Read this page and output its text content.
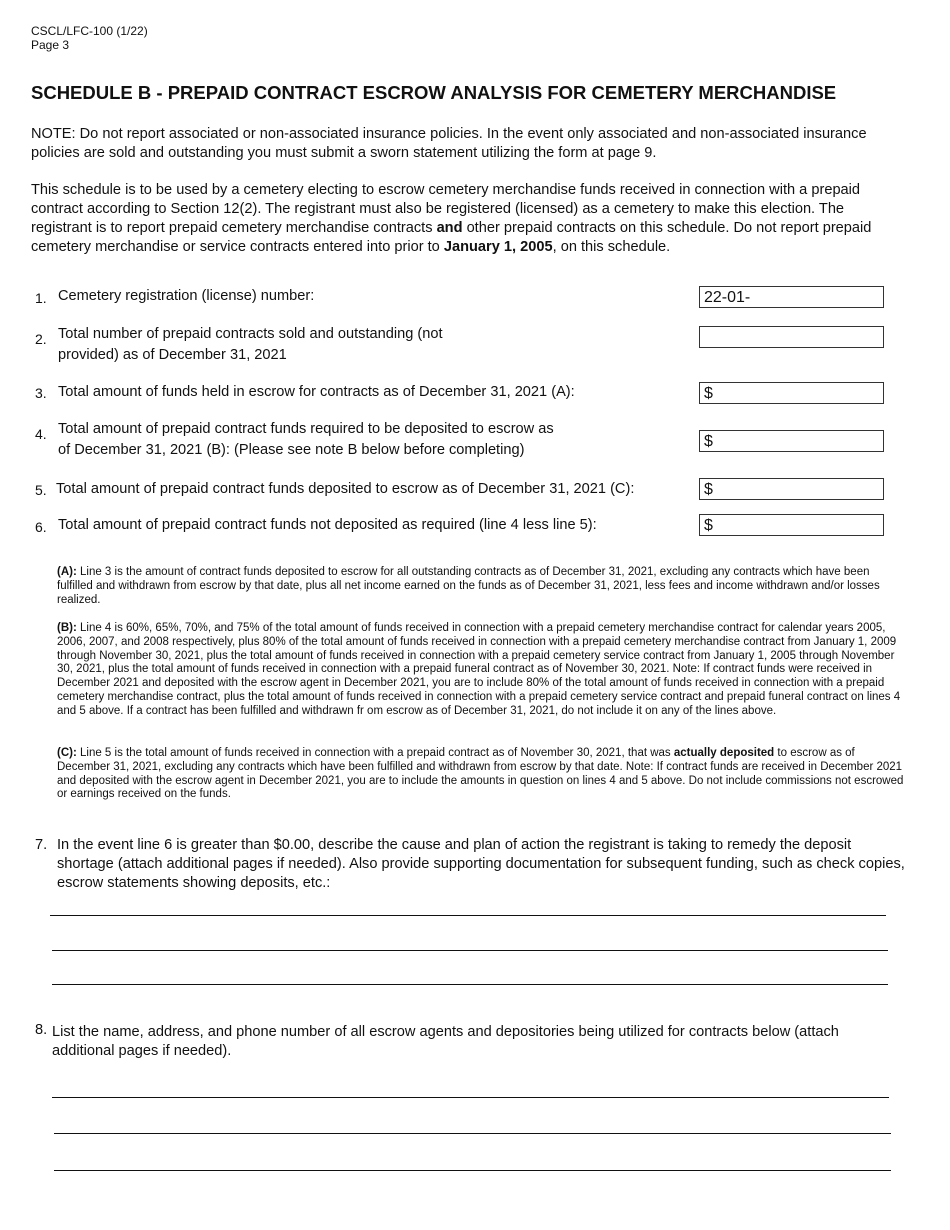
CSCL/LFC-100 (1/22)
Page 3
SCHEDULE B - PREPAID CONTRACT ESCROW ANALYSIS FOR CEMETERY MERCHANDISE
NOTE: Do not report associated or non-associated insurance policies. In the event only associated and non-associated insurance policies are sold and outstanding you must submit a sworn statement utilizing the form at page 9.
This schedule is to be used by a cemetery electing to escrow cemetery merchandise funds received in connection with a prepaid contract according to Section 12(2). The registrant must also be registered (licensed) as a cemetery to make this election. The registrant is to report prepaid cemetery merchandise contracts and other prepaid contracts on this schedule. Do not report prepaid cemetery merchandise or service contracts entered into prior to January 1, 2005, on this schedule.
1. Cemetery registration (license) number:	22-01-
2. Total number of prepaid contracts sold and outstanding (not
provided) as of December 31, 2021
3. Total amount of funds held in escrow for contracts as of December 31, 2021 (A):	$
4. Total amount of prepaid contract funds required to be deposited to escrow as
of December 31, 2021 (B): (Please see note B below before completing)	$
5. Total amount of prepaid contract funds deposited to escrow as of December 31, 2021 (C):	$
6. Total amount of prepaid contract funds not deposited as required (line 4 less line 5):	$
(A): Line 3 is the amount of contract funds deposited to escrow for all outstanding contracts as of December 31, 2021, excluding any contracts which have been fulfilled and withdrawn from escrow by that date, plus all net income earned on the funds as of December 31, 2021, less fees and income withdrawn and/or losses realized.
(B): Line 4 is 60%, 65%, 70%, and 75% of the total amount of funds received in connection with a prepaid cemetery merchandise contract for calendar years 2005, 2006, 2007, and 2008 respectively, plus 80% of the total amount of funds received in connection with a prepaid cemetery merchandise contract from January 1, 2009 through November 30, 2021, plus the total amount of funds received in connection with a prepaid cemetery service contract from January 1, 2005 through November 30, 2021, plus the total amount of funds received in connection with a prepaid funeral contract as of November 30, 2021. Note: If contract funds were received in December 2021 and deposited with the escrow agent in December 2021, you are to include 80% of the total amount of funds received in connection with a prepaid cemetery merchandise contract, plus the total amount of funds received in connection with a prepaid cemetery service contract and prepaid funeral contract on lines 4 and 5 above. If a contract has been fulfilled and withdrawn fr om escrow as of December 31, 2021, do not include it on any of the lines above.
(C): Line 5 is the total amount of funds received in connection with a prepaid contract as of November 30, 2021, that was actually deposited to escrow as of December 31, 2021, excluding any contracts which have been fulfilled and withdrawn from escrow by that date. Note: If contract funds are received in December 2021 and deposited with the escrow agent in December 2021, you are to include the amounts in question on lines 4 and 5 above. Do not include commissions not escrowed or earnings received on the funds.
7. In the event line 6 is greater than $0.00, describe the cause and plan of action the registrant is taking to remedy the deposit shortage (attach additional pages if needed). Also provide supporting documentation for subsequent funding, such as check copies, escrow statements showing deposits, etc.:
8. List the name, address, and phone number of all escrow agents and depositories being utilized for contracts below (attach additional pages if needed).
